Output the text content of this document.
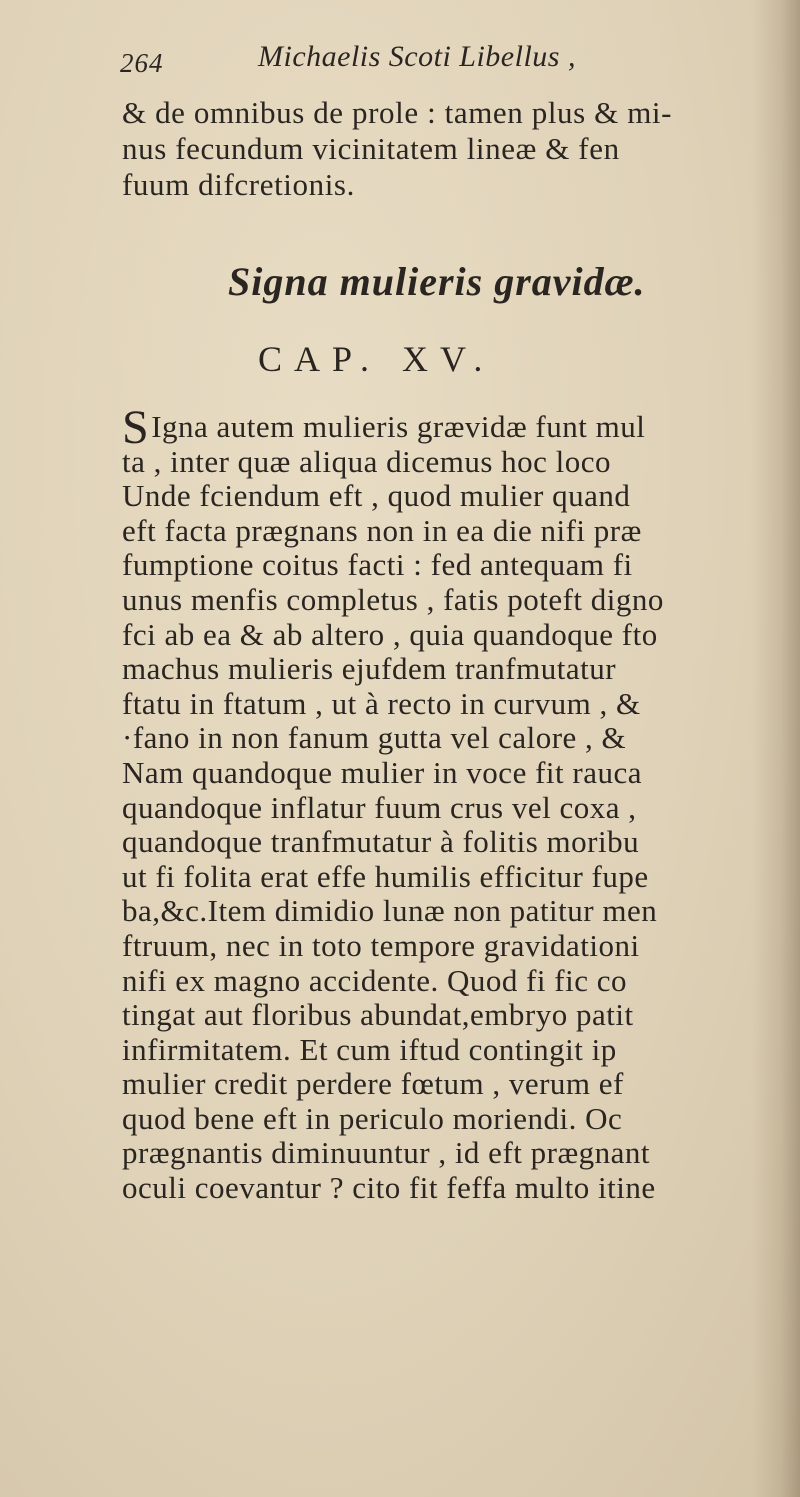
264	Michaelis Scoti Libellus ,
& de omnibus de prole : tamen plus & mi-
nus fecundum vicinitatem lineæ & fen
fuum difcretionis.
Signa mulieris gravidæ.
CAP. XV.
SIgna autem mulieris grævidæ funt mul
ta , inter quæ aliqua dicemus hoc loco
Unde fciendum eft , quod mulier quand
eft facta prægnans non in ea die nifi præ
fumptione coitus facti : fed antequam fi
unus menfis completus , fatis poteft digno
fci ab ea & ab altero , quia quandoque fto
machus mulieris ejufdem tranfmutatur
ftatu in ftatum , ut à recto in curvum , &
·fano in non fanum gutta vel calore , &
Nam quandoque mulier in voce fit rauca
quandoque inflatur fuum crus vel coxa ,
quandoque tranfmutatur à folitis moribu
ut fi folita erat effe humilis efficitur fupe
ba,&c.Item dimidio lunæ non patitur men
ftruum, nec in toto tempore gravidationi
nifi ex magno accidente. Quod fi fic co
tingat aut floribus abundat,embryo patit
infirmitatem. Et cum iftud contingit ip
mulier credit perdere fœtum , verum ef
quod bene eft in periculo moriendi. Oc
prægnantis diminuuntur , id eft prægnant
oculi coevantur ? cito fit feffa multo itine
